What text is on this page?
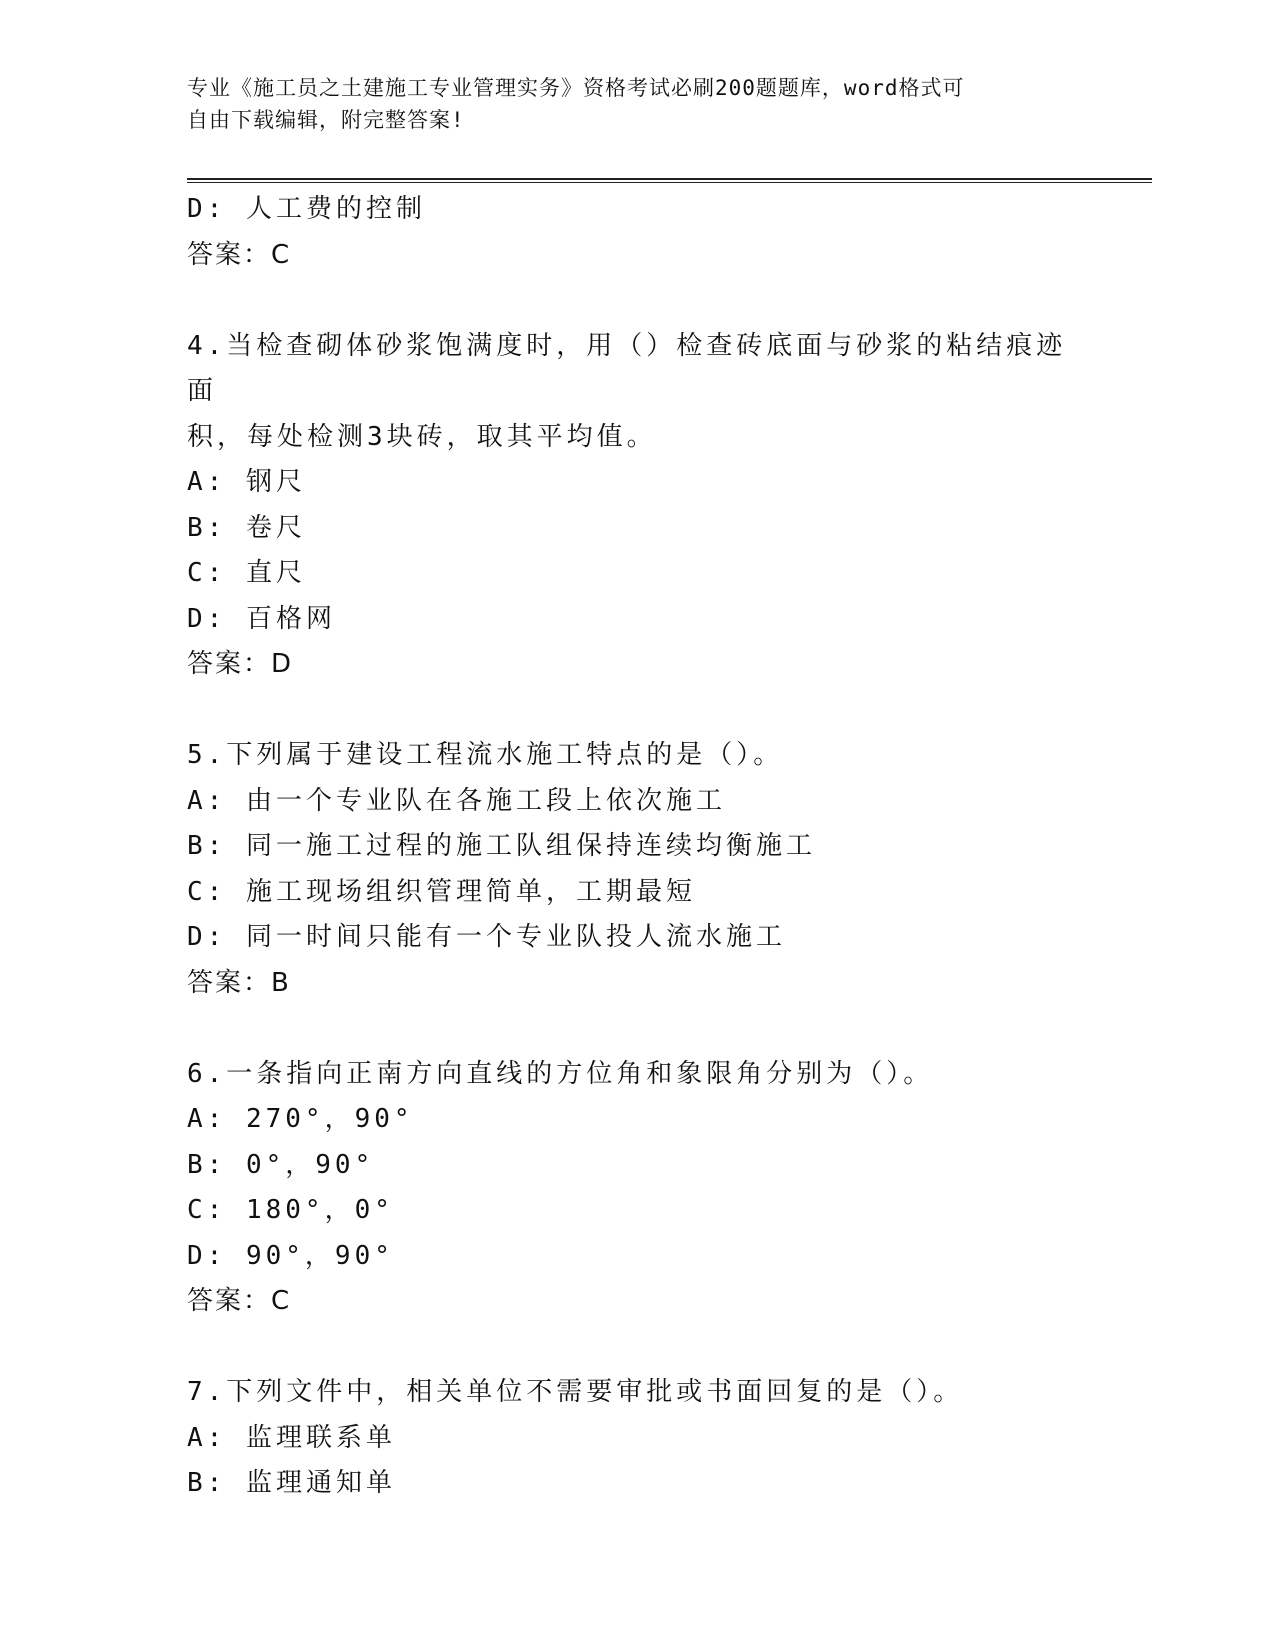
专业《施工员之土建施工专业管理实务》资格考试必刷200题题库，word格式可
自由下载编辑，附完整答案!
D: 人工费的控制
答案：C
4.当检查砌体砂浆饱满度时，用（）检查砖底面与砂浆的粘结痕迹面
积，每处检测3块砖，取其平均值。
A: 钢尺
B: 卷尺
C: 直尺
D: 百格网
答案：D
5.下列属于建设工程流水施工特点的是（）。
A: 由一个专业队在各施工段上依次施工
B: 同一施工过程的施工队组保持连续均衡施工
C: 施工现场组织管理简单，工期最短
D: 同一时间只能有一个专业队投人流水施工
答案：B
6.一条指向正南方向直线的方位角和象限角分别为（）。
A: 270°，90°
B: 0°，90°
C: 180°，0°
D: 90°，90°
答案：C
7.下列文件中，相关单位不需要审批或书面回复的是（）。
A: 监理联系单
B: 监理通知单
